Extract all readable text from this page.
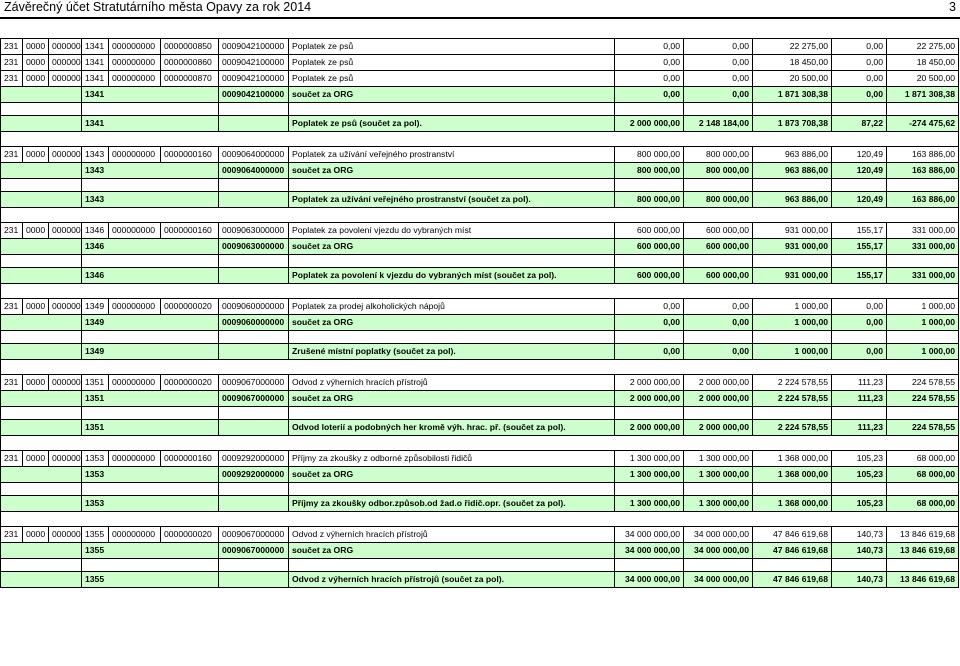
Závěrečný účet Stratutárního města Opavy za rok 2014	3
231	0000	000000	1341	000000000	0000000850	0009042100000	Poplatek ze psů	0,00	0,00	22 275,00	0,00	22 275,00
231	0000	000000	1341	000000000	0000000860	0009042100000	Poplatek ze psů	0,00	0,00	18 450,00	0,00	18 450,00
231	0000	000000	1341	000000000	0000000870	0009042100000	Poplatek ze psů	0,00	0,00	20 500,00	0,00	20 500,00
			1341			0009042100000	součet za ORG	0,00	0,00	1 871 308,38	0,00	1 871 308,38

			1341				Poplatek ze psů (součet za pol).	2 000 000,00	2 148 184,00	1 873 708,38	87,22	-274 475,62

231	0000	000000	1343	000000000	0000000160	0009064000000	Poplatek za užívání veřejného prostranství	800 000,00	800 000,00	963 886,00	120,49	163 886,00
			1343			0009064000000	součet za ORG	800 000,00	800 000,00	963 886,00	120,49	163 886,00

			1343				Poplatek za užívání veřejného prostranství (součet za pol).	800 000,00	800 000,00	963 886,00	120,49	163 886,00

231	0000	000000	1346	000000000	0000000160	0009063000000	Poplatek za povolení vjezdu do vybraných míst	600 000,00	600 000,00	931 000,00	155,17	331 000,00
			1346			0009063000000	součet za ORG	600 000,00	600 000,00	931 000,00	155,17	331 000,00

			1346				Poplatek za povolení k vjezdu do vybraných míst (součet za pol).	600 000,00	600 000,00	931 000,00	155,17	331 000,00

231	0000	000000	1349	000000000	0000000020	0009060000000	Poplatek za prodej alkoholických nápojů	0,00	0,00	1 000,00	0,00	1 000,00
			1349			0009060000000	součet za ORG	0,00	0,00	1 000,00	0,00	1 000,00

			1349				Zrušené místní poplatky (součet za pol).	0,00	0,00	1 000,00	0,00	1 000,00

231	0000	000000	1351	000000000	0000000020	0009067000000	Odvod z výherních hracích přístrojů	2 000 000,00	2 000 000,00	2 224 578,55	111,23	224 578,55
			1351			0009067000000	součet za ORG	2 000 000,00	2 000 000,00	2 224 578,55	111,23	224 578,55

			1351				Odvod loterií a podobných her kromě výh. hrac. př. (součet za pol).	2 000 000,00	2 000 000,00	2 224 578,55	111,23	224 578,55

231	0000	000000	1353	000000000	0000000160	0009292000000	Příjmy za zkoušky z odborné způsobilosti řidičů	1 300 000,00	1 300 000,00	1 368 000,00	105,23	68 000,00
			1353			0009292000000	součet za ORG	1 300 000,00	1 300 000,00	1 368 000,00	105,23	68 000,00

			1353				Příjmy za zkoušky odbor.způsob.od žad.o řidič.opr. (součet za pol).	1 300 000,00	1 300 000,00	1 368 000,00	105,23	68 000,00

231	0000	000000	1355	000000000	0000000020	0009067000000	Odvod z výherních hracích přístrojů	34 000 000,00	34 000 000,00	47 846 619,68	140,73	13 846 619,68
			1355			0009067000000	součet za ORG	34 000 000,00	34 000 000,00	47 846 619,68	140,73	13 846 619,68

			1355				Odvod z výherních hracích přístrojů (součet za pol).	34 000 000,00	34 000 000,00	47 846 619,68	140,73	13 846 619,68
